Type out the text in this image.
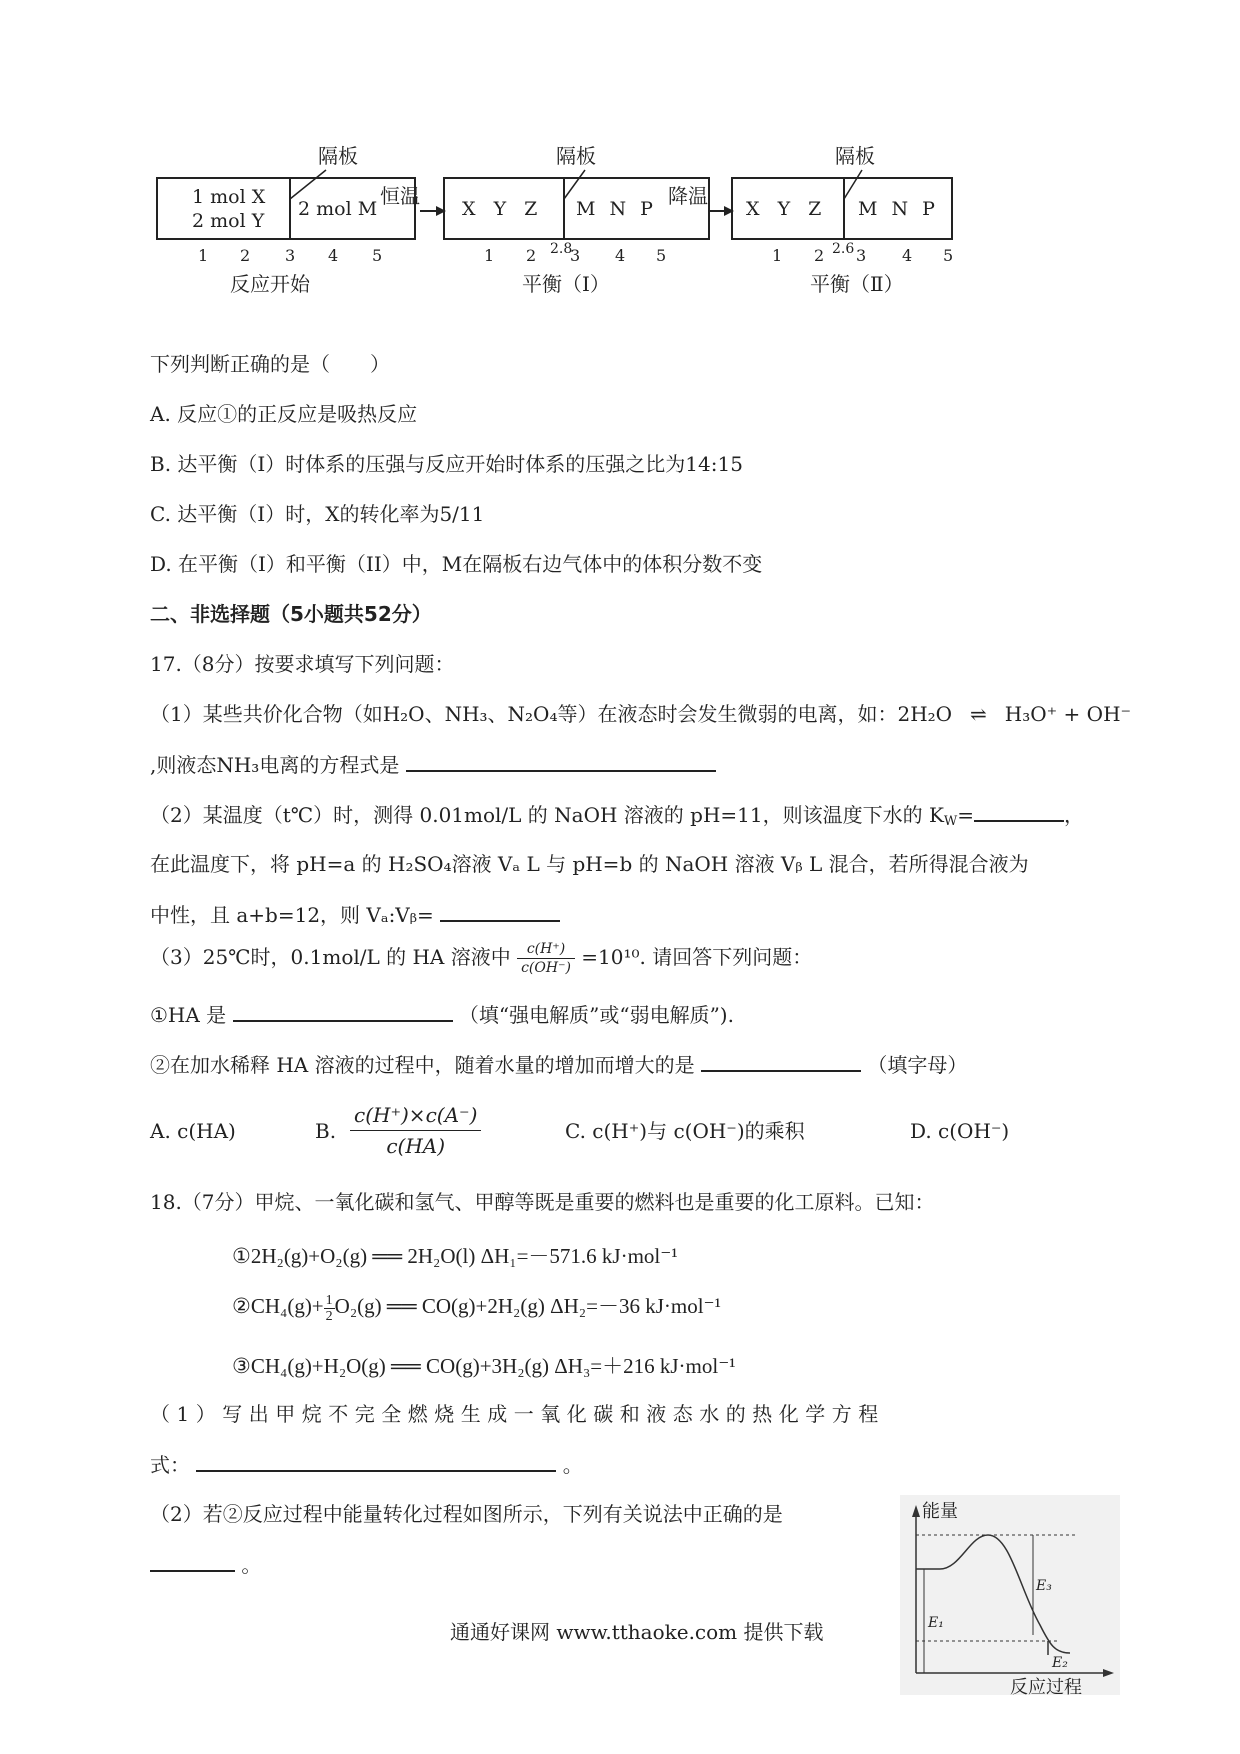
隔板
1 mol X
2 mol Y
2 mol M
1 2 3 4 5
反应开始
恒温
隔板
X Y Z M N P
1 2 2.8
3 4 5
平衡（Ⅰ）
降温
隔板
X Y Z M N P
1 2 2.6 3 4 5
平衡（Ⅱ）
下列判断正确的是（　　）
A. 反应①的正反应是吸热反应
B. 达平衡（I）时体系的压强与反应开始时体系的压强之比为14:15
C. 达平衡（I）时，X的转化率为5/11
D. 在平衡（I）和平衡（II）中，M在隔板右边气体中的体积分数不变
二、非选择题（5小题共52分）
17.（8分）按要求填写下列问题：
（1）某些共价化合物（如H₂O、NH₃、N₂O₄等）在液态时会发生微弱的电离，如：2H₂O ⇌ H₃O⁺ + OH⁻
,则液态NH₃电离的方程式是
（2）某温度（t℃）时，测得 0.01mol/L 的 NaOH 溶液的 pH=11，则该温度下水的 $K_W=$	，
在此温度下，将 pH=a 的 H₂SO₄溶液 Vₐ L 与 pH=b 的 NaOH 溶液 Vᵦ L 混合，若所得混合液为
中性，且 a+b=12，则 Vₐ:Vᵦ=
（3）25℃时，0.1mol/L 的 HA 溶液中 $\frac{c(H^+)}{c(OH^-)} =10^{10}$. 请回答下列问题：
①HA 是	（填“强电解质”或“弱电解质”).
②在加水稀释 HA 溶液的过程中，随着水量的增加而增大的是	（填字母）
A. c(HA)	B. $\frac{c(H^+)\times c(A^-)}{c(HA)}$	C. c(H⁺)与 c(OH⁻)的乘积	D. c(OH⁻)
18.（7分）甲烷、一氧化碳和氢气、甲醇等既是重要的燃料也是重要的化工原料。已知：
①2H₂(g)+O₂(g) ══ 2H₂O(l) ΔH₁=－571.6 kJ·mol⁻¹
②CH₄(g)+ $\frac{1}{2} O_2(g)$ ══ CO(g)+2H₂(g) ΔH₂=－36 kJ·mol⁻¹
③CH₄(g)+H₂O(g) ══ CO(g)+3H₂(g) ΔH₃=＋216 kJ·mol⁻¹
（1）写出甲烷不完全燃烧生成一氧化碳和液态水的热化学方程
式：	。
（2）若②反应过程中能量转化过程如图所示，下列有关说法中正确的是
。
能量
反应过程
E₁
E₃
E₂
通通好课网 www.tthaoke.com 提供下载
